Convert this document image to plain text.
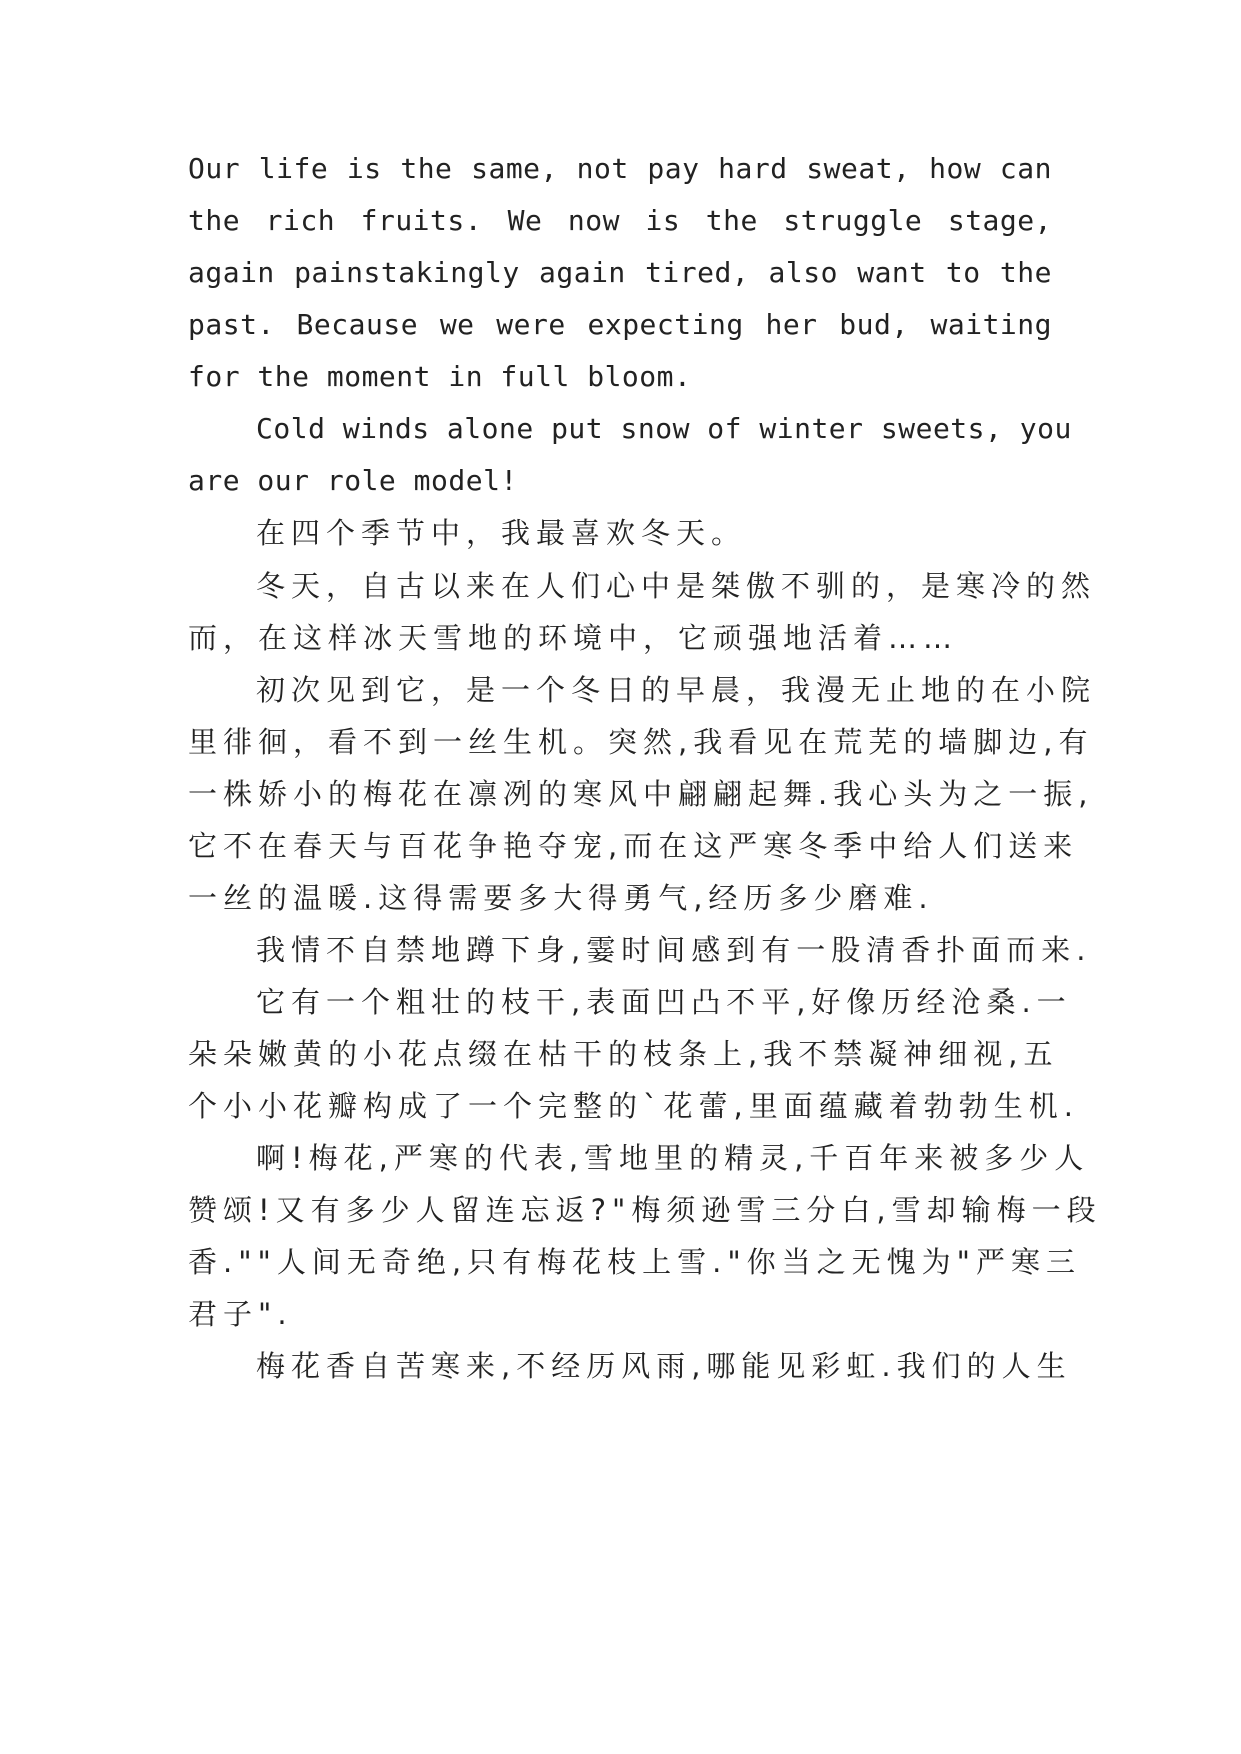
Our life is the same, not pay hard sweat, how can
the rich fruits. We now is the struggle stage,
again painstakingly again tired, also want to the
past. Because we were expecting her bud, waiting
for the moment in full bloom.
Cold winds alone put snow of winter sweets, you
are our role model!
在四个季节中，我最喜欢冬天。
冬天，自古以来在人们心中是桀傲不驯的，是寒冷的然
而，在这样冰天雪地的环境中，它顽强地活着……
初次见到它，是一个冬日的早晨，我漫无止地的在小院
里徘徊，看不到一丝生机。突然,我看见在荒芜的墙脚边,有
一株娇小的梅花在凛冽的寒风中翩翩起舞.我心头为之一振,
它不在春天与百花争艳夺宠,而在这严寒冬季中给人们送来
一丝的温暖.这得需要多大得勇气,经历多少磨难.
我情不自禁地蹲下身,霎时间感到有一股清香扑面而来.
它有一个粗壮的枝干,表面凹凸不平,好像历经沧桑.一
朵朵嫩黄的小花点缀在枯干的枝条上,我不禁凝神细视,五
个小小花瓣构成了一个完整的`花蕾,里面蕴藏着勃勃生机.
啊!梅花,严寒的代表,雪地里的精灵,千百年来被多少人
赞颂!又有多少人留连忘返?"梅须逊雪三分白,雪却输梅一段
香.""人间无奇绝,只有梅花枝上雪."你当之无愧为"严寒三
君子".
梅花香自苦寒来,不经历风雨,哪能见彩虹.我们的人生
